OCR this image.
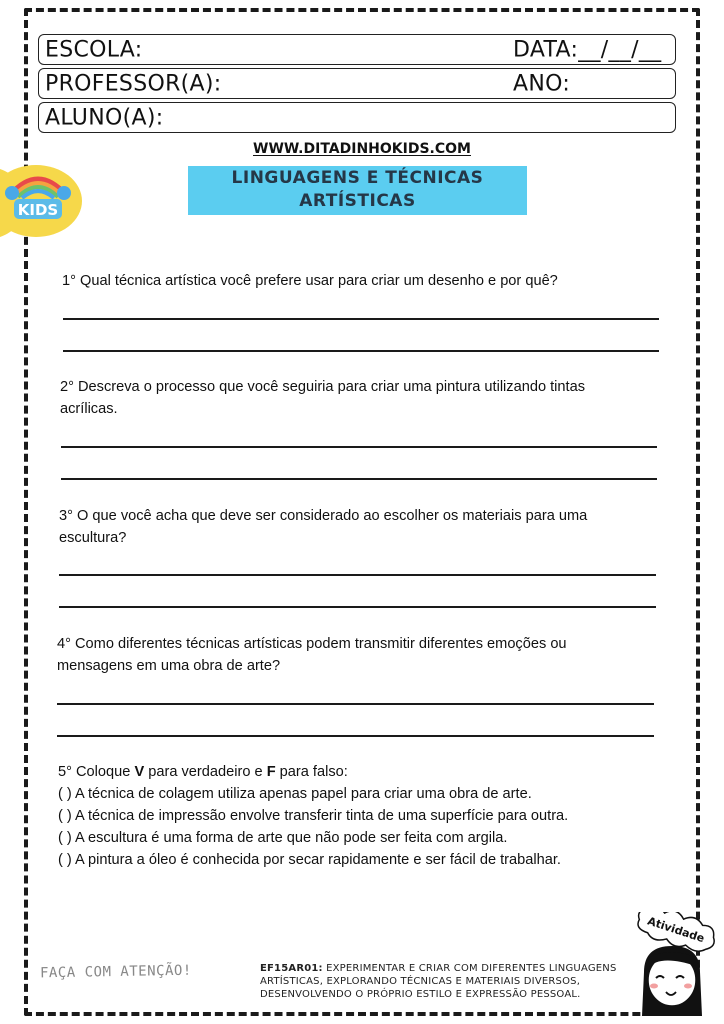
ESCOLA:	DATA:__/__/__
PROFESSOR(A):	ANO:
ALUNO(A):
WWW.DITADINHOKIDS.COM
KIDS
LINGUAGENS E TÉCNICAS
ARTÍSTICAS
1° Qual técnica artística você prefere usar para criar um desenho e por quê?
2° Descreva o processo que você seguiria para criar uma pintura utilizando tintas
acrílicas.
3° O que você acha que deve ser considerado ao escolher os materiais para uma
escultura?
4° Como diferentes técnicas artísticas podem transmitir diferentes emoções ou
mensagens em uma obra de arte?
5° Coloque V para verdadeiro e F para falso:
( ) A técnica de colagem utiliza apenas papel para criar uma obra de arte.
( ) A técnica de impressão envolve transferir tinta de uma superfície para outra.
( ) A escultura é uma forma de arte que não pode ser feita com argila.
( ) A pintura a óleo é conhecida por secar rapidamente e ser fácil de trabalhar.
FAÇA COM ATENÇÃO!	EF15AR01: EXPERIMENTAR E CRIAR COM DIFERENTES LINGUAGENS ARTÍSTICAS, EXPLORANDO TÉCNICAS E MATERIAIS DIVERSOS, DESENVOLVENDO O PRÓPRIO ESTILO E EXPRESSÃO PESSOAL.
Atividade
